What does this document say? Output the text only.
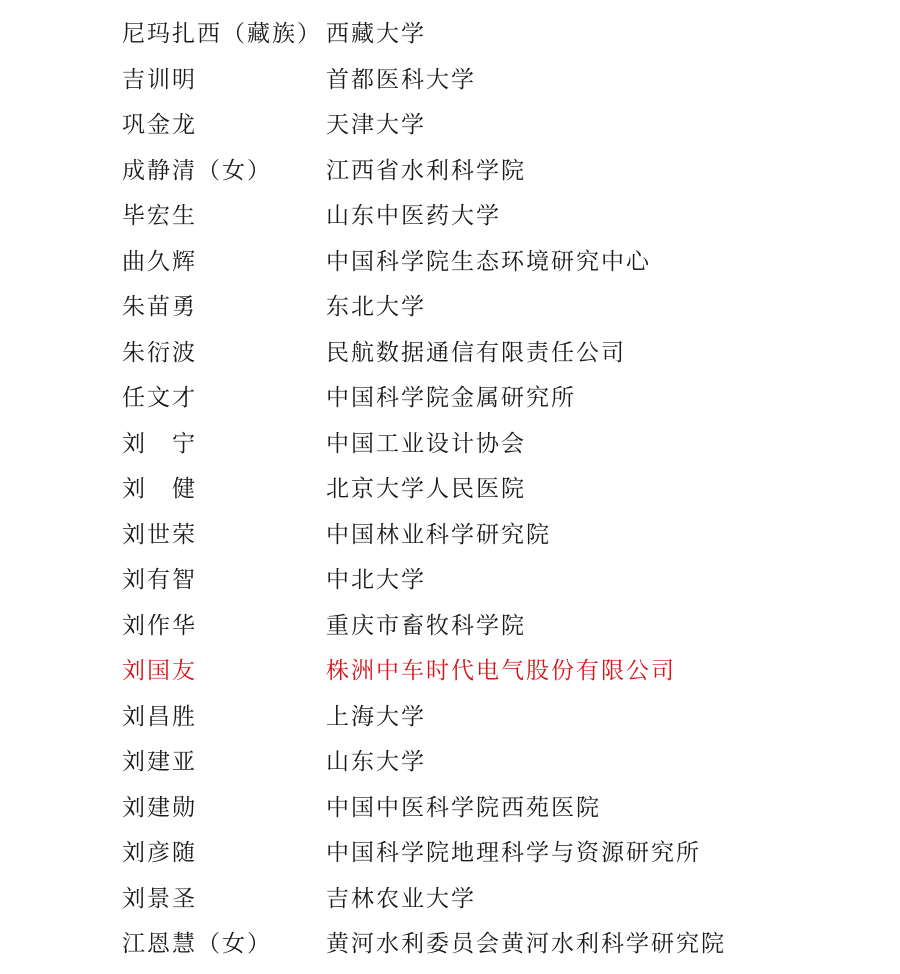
尼玛扎西（藏族） 西藏大学
吉训明	首都医科大学
巩金龙	天津大学
成静清（女） 江西省水利科学院
毕宏生	山东中医药大学
曲久辉	中国科学院生态环境研究中心
朱苗勇	东北大学
朱衍波	民航数据通信有限责任公司
任文才	中国科学院金属研究所
刘　宁	中国工业设计协会
刘　健	北京大学人民医院
刘世荣	中国林业科学研究院
刘有智	中北大学
刘作华	重庆市畜牧科学院
刘国友	株洲中车时代电气股份有限公司
刘昌胜	上海大学
刘建亚	山东大学
刘建勋	中国中医科学院西苑医院
刘彦随	中国科学院地理科学与资源研究所
刘景圣	吉林农业大学
江恩慧（女） 黄河水利委员会黄河水利科学研究院
